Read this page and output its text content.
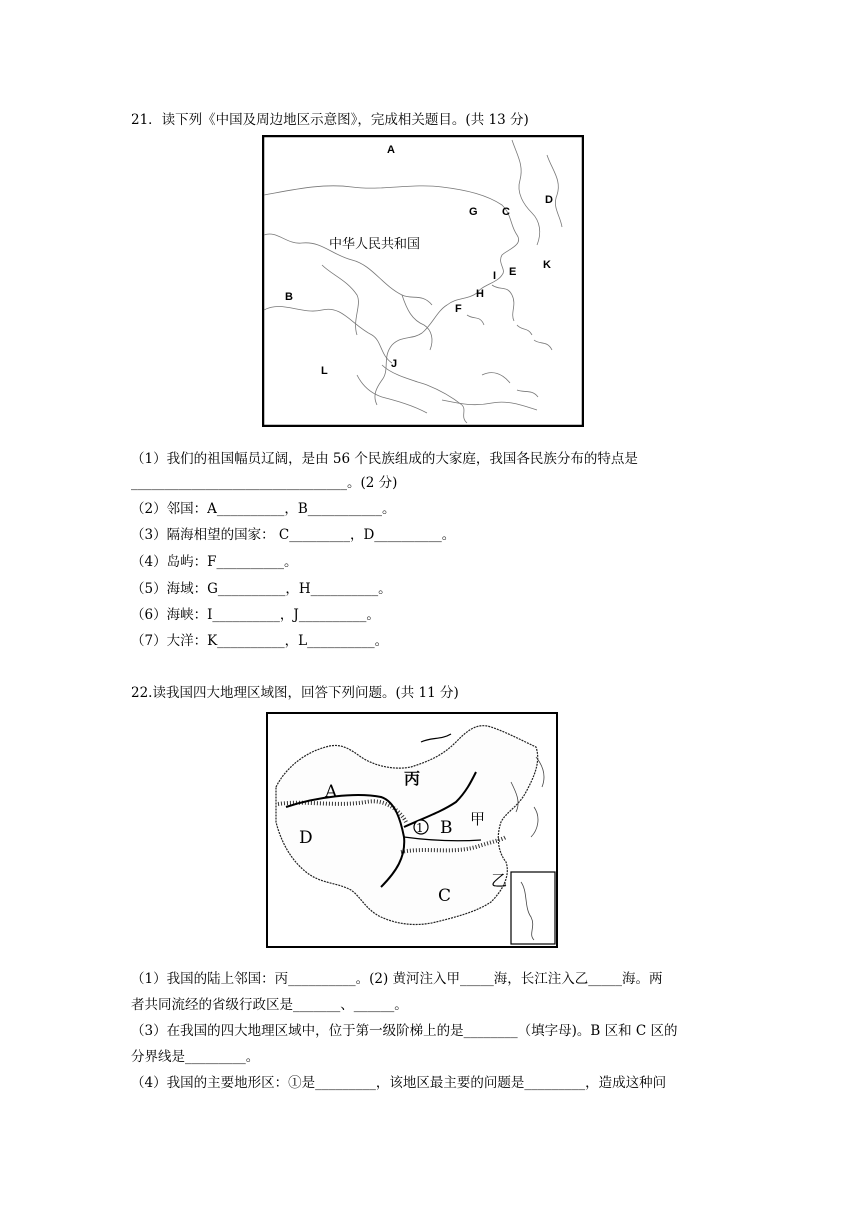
21．读下列《中国及周边地区示意图》，完成相关题目。(共 13 分)
A
B
C
D
E
F
G
H
I
J
K
L
中华人民共和国
（1）我们的祖国幅员辽阔，是由 56 个民族组成的大家庭，我国各民族分布的特点是
________________________________。(2 分)
（2）邻国：A__________，B___________。
（3）隔海相望的国家： C_________，D__________。
（4）岛屿：F__________。
（5）海域：G__________，H__________。
（6）海峡：I__________，J__________。
（7）大洋：K__________，L__________。
22.读我国四大地理区域图，回答下列问题。(共 11 分)
A
B
C
D
丙
甲
乙
1
（1）我国的陆上邻国：丙__________。(2) 黄河注入甲_____海，长江注入乙_____海。两
者共同流经的省级行政区是_______、______。
（3）在我国的四大地理区域中，位于第一级阶梯上的是________（填字母)。B 区和 C 区的
分界线是_________。
（4）我国的主要地形区：①是_________，该地区最主要的问题是_________，造成这种问
